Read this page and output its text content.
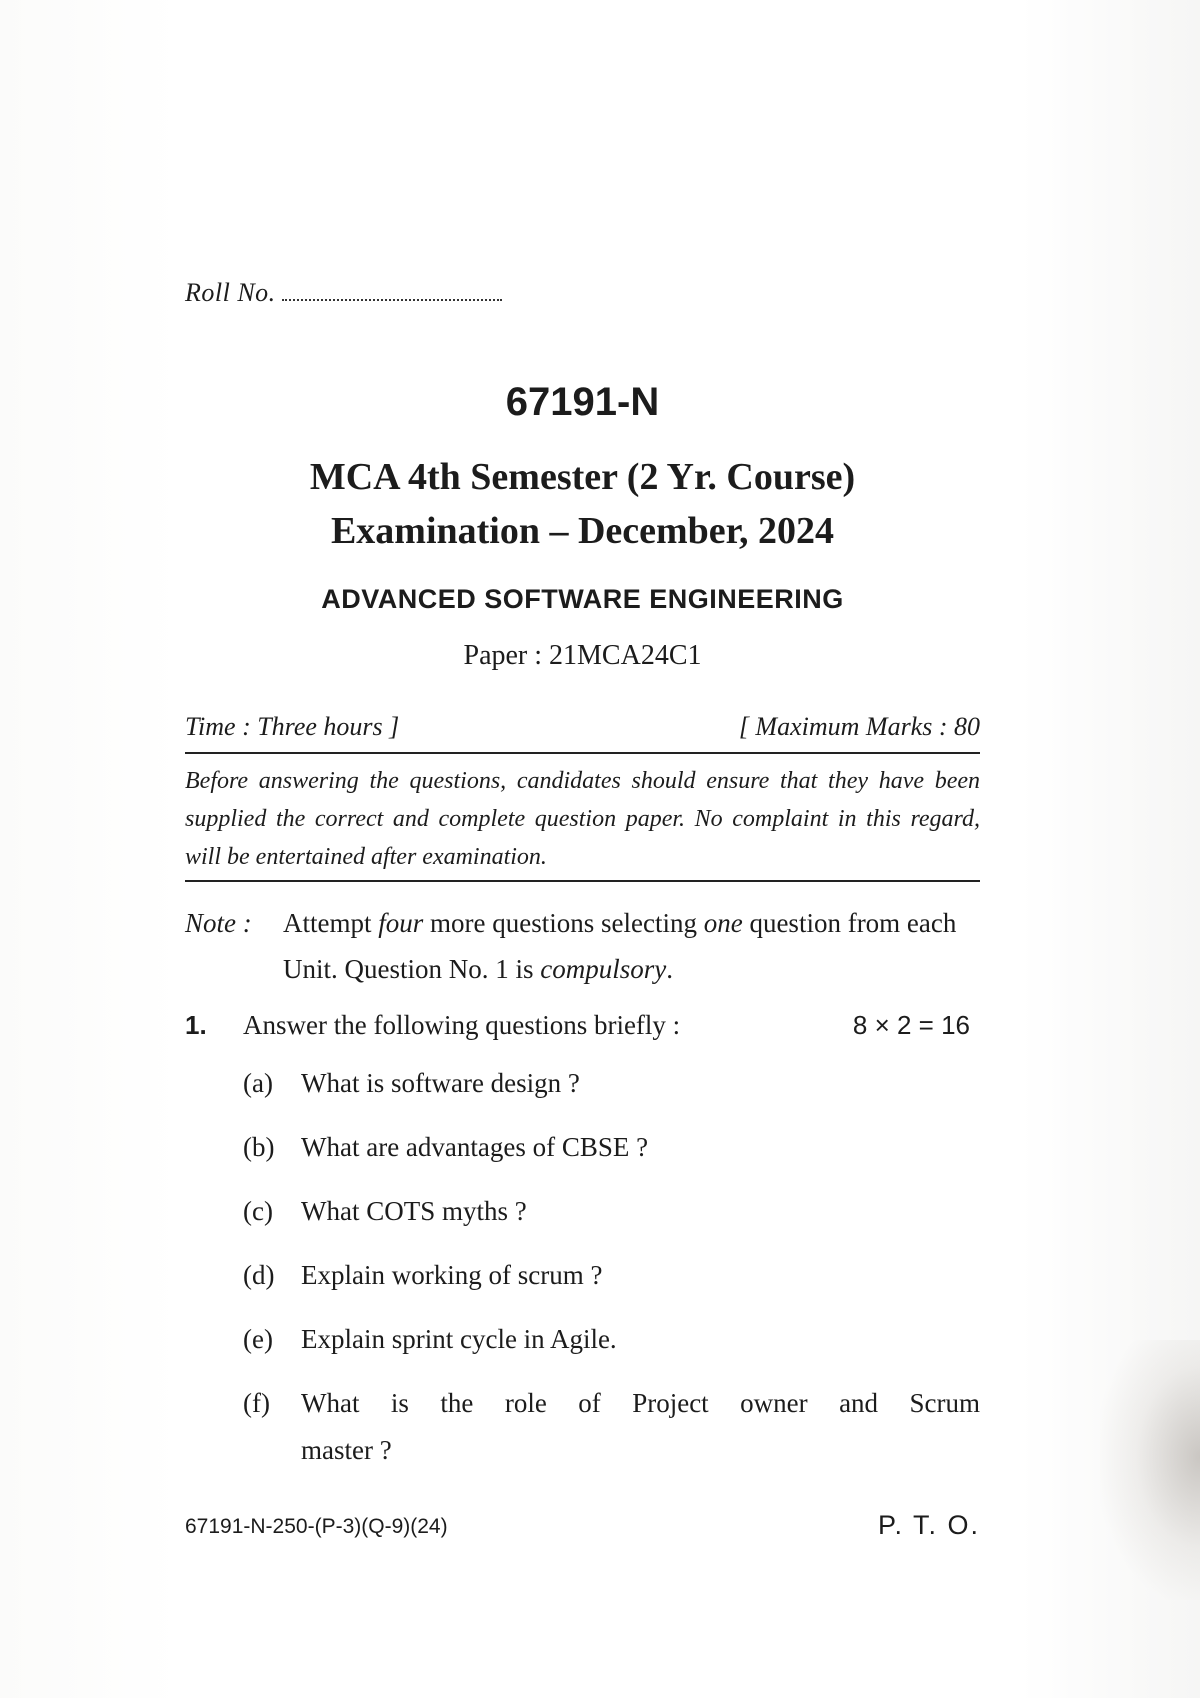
Roll No.
67191-N
MCA 4th Semester (2 Yr. Course)
Examination – December, 2024
ADVANCED SOFTWARE ENGINEERING
Paper : 21MCA24C1
Time : Three hours ]	[ Maximum Marks : 80
Before answering the questions, candidates should ensure that they have been supplied the correct and complete question paper. No complaint in this regard, will be entertained after examination.
Note : Attempt four more questions selecting one question from each Unit. Question No. 1 is compulsory.
1. Answer the following questions briefly :	8 × 2 = 16
(a) What is software design ?
(b) What are advantages of CBSE ?
(c) What COTS myths ?
(d) Explain working of scrum ?
(e) Explain sprint cycle in Agile.
(f) What is the role of Project owner and Scrum
master ?
67191-N-250-(P-3)(Q-9)(24)	P. T. O.
